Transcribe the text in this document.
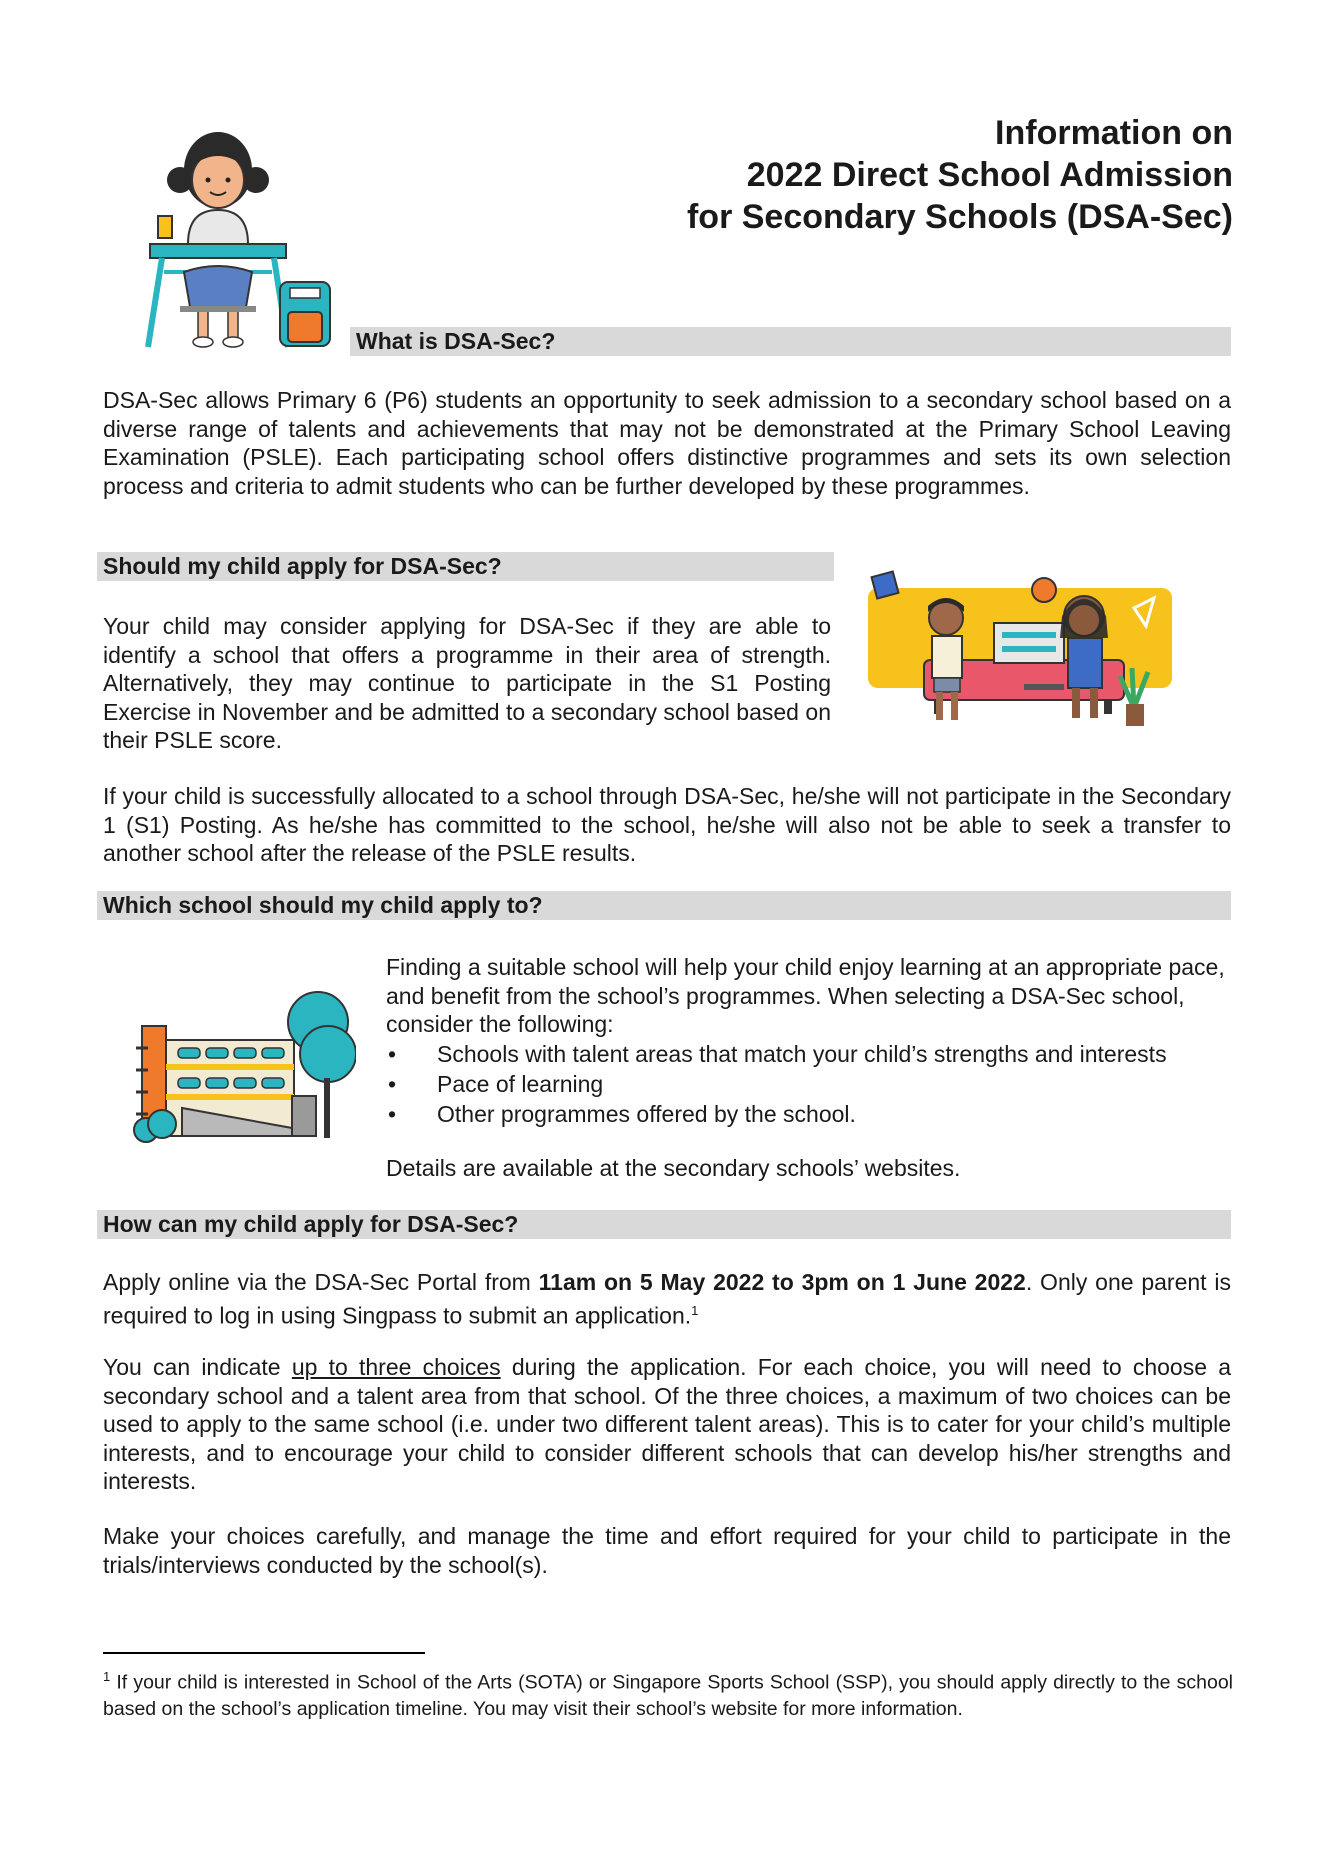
Information on
2022 Direct School Admission
for Secondary Schools (DSA-Sec)
What is DSA-Sec?

DSA-Sec allows Primary 6 (P6) students an opportunity to seek admission to a secondary school based on a diverse range of talents and achievements that may not be demonstrated at the Primary School Leaving Examination (PSLE). Each participating school offers distinctive programmes and sets its own selection process and criteria to admit students who can be further developed by these programmes.

Should my child apply for DSA-Sec?

Your child may consider applying for DSA-Sec if they are able to identify a school that offers a programme in their area of strength. Alternatively, they may continue to participate in the S1 Posting Exercise in November and be admitted to a secondary school based on their PSLE score.

If your child is successfully allocated to a school through DSA-Sec, he/she will not participate in the Secondary 1 (S1) Posting. As he/she has committed to the school, he/she will also not be able to seek a transfer to another school after the release of the PSLE results.

Which school should my child apply to?

Finding a suitable school will help your child enjoy learning at an appropriate pace, and benefit from the school’s programmes. When selecting a DSA-Sec school, consider the following:

• Schools with talent areas that match your child’s strengths and interests
• Pace of learning
• Other programmes offered by the school.

Details are available at the secondary schools’ websites.

How can my child apply for DSA-Sec?

Apply online via the DSA-Sec Portal from 11am on 5 May 2022 to 3pm on 1 June 2022. Only one parent is required to log in using Singpass to submit an application.$^1$

You can indicate up to three choices during the application. For each choice, you will need to choose a secondary school and a talent area from that school. Of the three choices, a maximum of two choices can be used to apply to the same school (i.e. under two different talent areas). This is to cater for your child’s multiple interests, and to encourage your child to consider different schools that can develop his/her strengths and interests.

Make your choices carefully, and manage the time and effort required for your child to participate in the trials/interviews conducted by the school(s).

$^1$ If your child is interested in School of the Arts (SOTA) or Singapore Sports School (SSP), you should apply directly to the school based on the school’s application timeline. You may visit their school’s website for more information.
